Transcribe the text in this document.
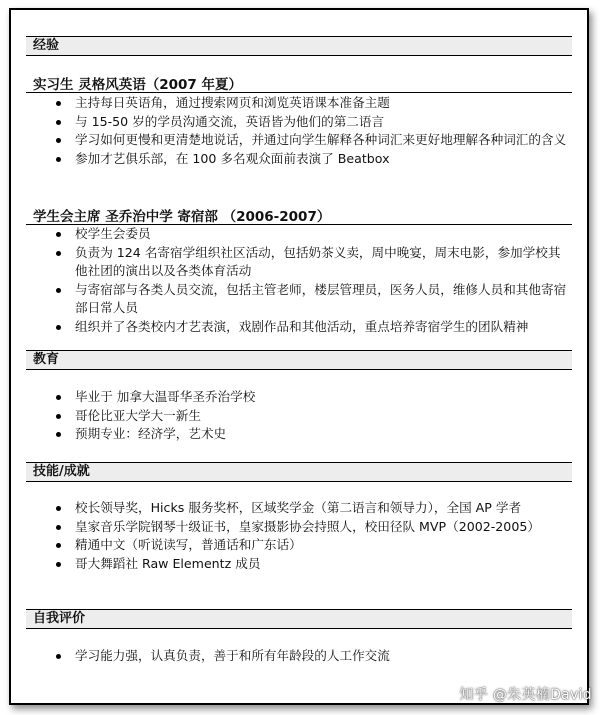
经验
实习生 灵格风英语（2007 年夏）
主持每日英语角，通过搜索网页和浏览英语课本准备主题
与 15-50 岁的学员沟通交流，英语皆为他们的第二语言
学习如何更慢和更清楚地说话，并通过向学生解释各种词汇来更好地理解各种词汇的含义
参加才艺俱乐部，在 100 多名观众面前表演了 Beatbox
学生会主席 圣乔治中学 寄宿部 （2006-2007）
校学生会委员
负责为 124 名寄宿学组织社区活动，包括奶茶义卖，周中晚宴，周末电影，参加学校其他社团的演出以及各类体育活动
与寄宿部与各类人员交流，包括主管老师，楼层管理员，医务人员，维修人员和其他寄宿部日常人员
组织并了各类校内才艺表演，戏剧作品和其他活动，重点培养寄宿学生的团队精神
教育
毕业于 加拿大温哥华圣乔治学校
哥伦比亚大学大一新生
预期专业：经济学，艺术史
技能/成就
校长领导奖，Hicks 服务奖杯，区域奖学金（第二语言和领导力），全国 AP 学者
皇家音乐学院钢琴十级证书，皇家摄影协会持照人，校田径队 MVP（2002-2005）
精通中文（听说读写，普通话和广东话）
哥大舞蹈社 Raw Elementz 成员
自我评价
学习能力强，认真负责，善于和所有年龄段的人工作交流
知乎 @朱英楠David
